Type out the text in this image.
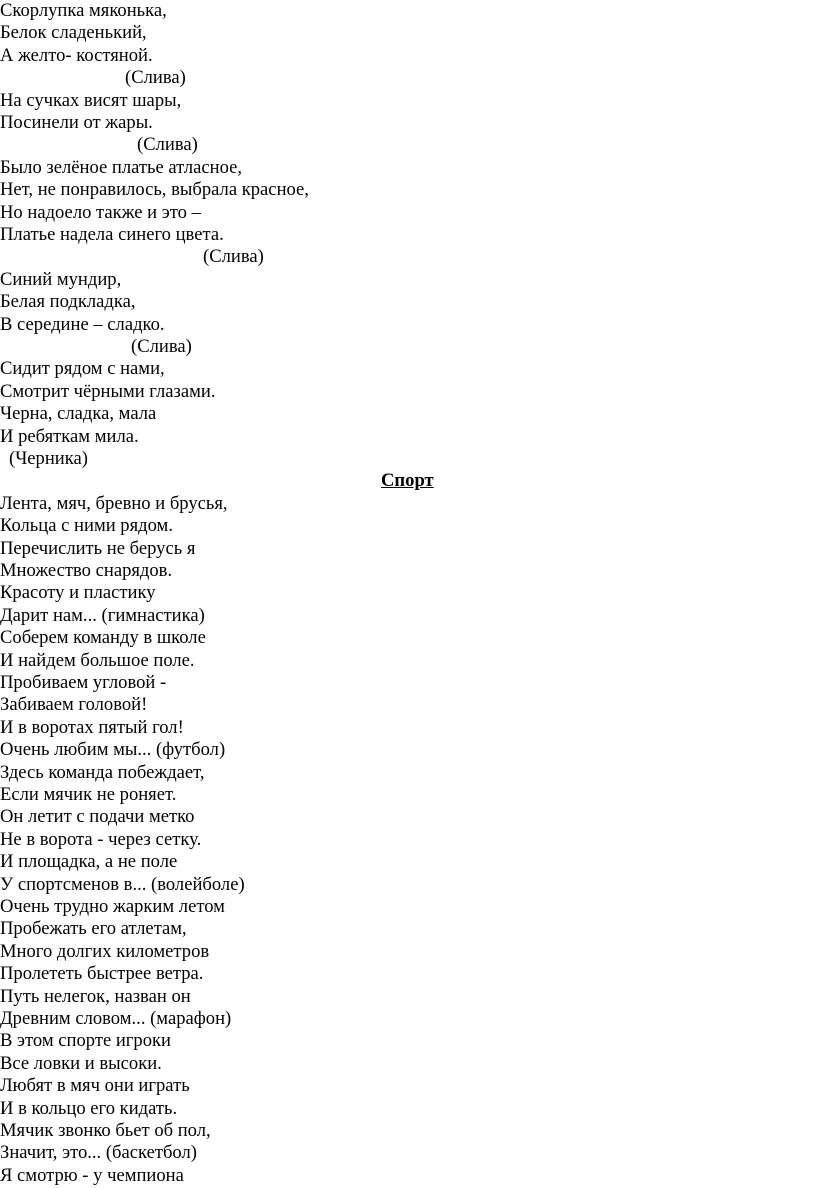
Скорлупка мяконька,
Белок сладенький,
А желто- костяной.
(Слива)
На сучках висят шары,
Посинели от жары.
(Слива)
Было зелёное платье атласное,
Нет, не понравилось, выбрала красное,
Но надоело также и это –
Платье надела синего цвета.
(Слива)
Синий мундир,
Белая подкладка,
В середине – сладко.
(Слива)
Сидит рядом с нами,
Смотрит чёрными глазами.
Черна, сладка, мала
И ребяткам мила.
(Черника)
Спорт
Лента, мяч, бревно и брусья,
Кольца с ними рядом.
Перечислить не берусь я
Множество снарядов.
Красоту и пластику
Дарит нам... (гимнастика)
Соберем команду в школе
И найдем большое поле.
Пробиваем угловой -
Забиваем головой!
И в воротах пятый гол!
Очень любим мы... (футбол)
Здесь команда побеждает,
Если мячик не роняет.
Он летит с подачи метко
Не в ворота - через сетку.
И площадка, а не поле
У спортсменов в... (волейболе)
Очень трудно жарким летом
Пробежать его атлетам,
Много долгих километров
Пролететь быстрее ветра.
Путь нелегок, назван он
Древним словом... (марафон)
В этом спорте игроки
Все ловки и высоки.
Любят в мяч они играть
И в кольцо его кидать.
Мячик звонко бьет об пол,
Значит, это... (баскетбол)
Я смотрю - у чемпиона
